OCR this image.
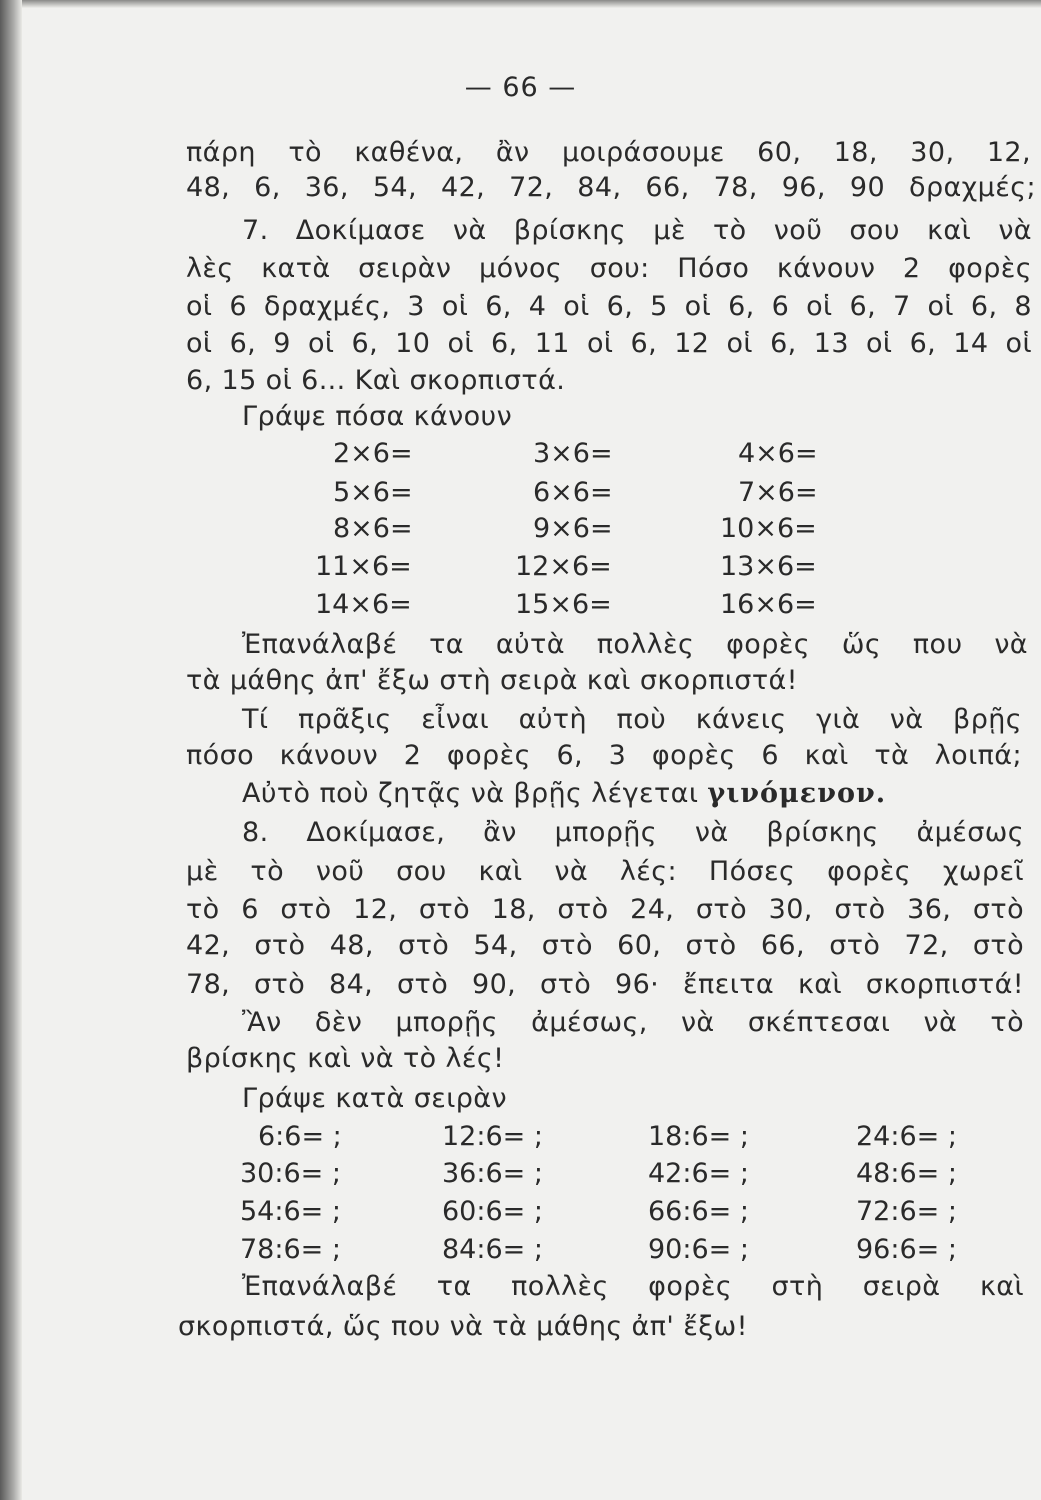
— 66 —
πάρη τὸ καθένα, ἂν μοιράσουμε 60, 18, 30, 12,
48, 6, 36, 54, 42, 72, 84, 66, 78, 96, 90 δραχμές;
7. Δοκίμασε νὰ βρίσκης μὲ τὸ νοῦ σου καὶ νὰ
λὲς κατὰ σειρὰν μόνος σου: Πόσο κάνουν 2 φορὲς
οἱ 6 δραχμές, 3 οἱ 6, 4 οἱ 6, 5 οἱ 6, 6 οἱ 6, 7 οἱ 6, 8
οἱ 6, 9 οἱ 6, 10 οἱ 6, 11 οἱ 6, 12 οἱ 6, 13 οἱ 6, 14 οἱ
6, 15 οἱ 6... Καὶ σκορπιστά.
Γράψε πόσα κάνουν
2×6=	3×6=	4×6=
5×6=	6×6=	7×6=
8×6=	9×6=	10×6=
11×6=	12×6=	13×6=
14×6=	15×6=	16×6=
Ἐπανάλαβέ τα αὐτὰ πολλὲς φορὲς ὥς που νὰ
τὰ μάθης ἀπ' ἔξω στὴ σειρὰ καὶ σκορπιστά!
Τί πρᾶξις εἶναι αὐτὴ ποὺ κάνεις γιὰ νὰ βρῇς
πόσο κάνουν 2 φορὲς 6, 3 φορὲς 6 καὶ τὰ λοιπά;
Αὐτὸ ποὺ ζητᾷς νὰ βρῇς λέγεται γινόμενον.
8. Δοκίμασε, ἂν μπορῇς νὰ βρίσκης ἀμέσως
μὲ τὸ νοῦ σου καὶ νὰ λές: Πόσες φορὲς χωρεῖ
τὸ 6 στὸ 12, στὸ 18, στὸ 24, στὸ 30, στὸ 36, στὸ
42, στὸ 48, στὸ 54, στὸ 60, στὸ 66, στὸ 72, στὸ
78, στὸ 84, στὸ 90, στὸ 96· ἔπειτα καὶ σκορπιστά!
Ἂν δὲν μπορῇς ἀμέσως, νὰ σκέπτεσαι νὰ τὸ
βρίσκης καὶ νὰ τὸ λές!
Γράψε κατὰ σειρὰν
6:6= ;	12:6= ;	18:6= ;	24:6= ;
30:6= ;	36:6= ;	42:6= ;	48:6= ;
54:6= ;	60:6= ;	66:6= ;	72:6= ;
78:6= ;	84:6= ;	90:6= ;	96:6= ;
Ἐπανάλαβέ τα πολλὲς φορὲς στὴ σειρὰ καὶ
σκορπιστά, ὥς που νὰ τὰ μάθης ἀπ' ἔξω!
